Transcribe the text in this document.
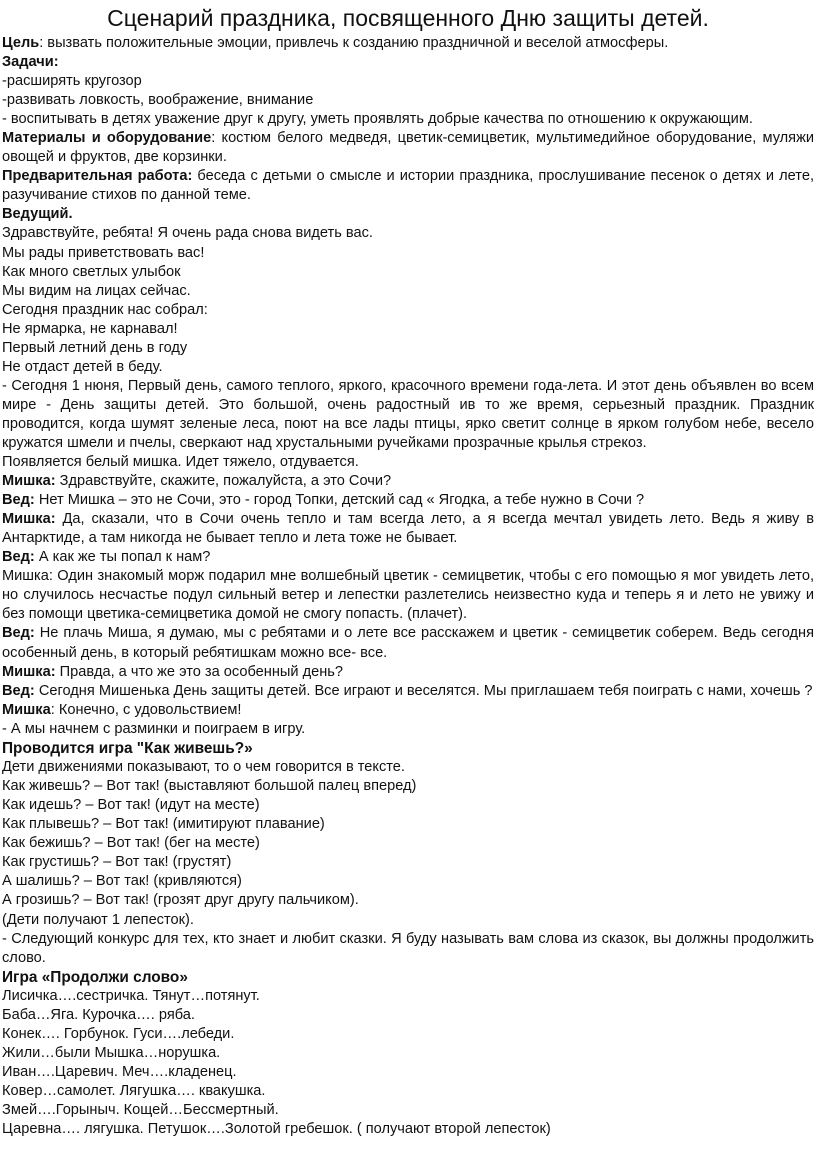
Сценарий праздника, посвященного Дню защиты детей.

Цель: вызвать положительные эмоции, привлечь к созданию праздничной и веселой атмосферы.

Задачи:

-расширять кругозор

-развивать ловкость, воображение, внимание

- воспитывать в детях уважение друг к другу, уметь проявлять добрые качества по отношению к окружающим.

Материалы и оборудование: костюм белого медведя, цветик-семицветик, мультимедийное оборудование, муляжи овощей и фруктов, две корзинки.

Предварительная работа: беседа с детьми о смысле и истории праздника, прослушивание песенок о детях и лете, разучивание стихов по данной теме.

Ведущий.

Здравствуйте, ребята! Я очень рада снова видеть вас.

Мы рады приветствовать вас!

Как много светлых улыбок

Мы видим на лицах сейчас.

Сегодня праздник нас собрал:

Не ярмарка, не карнавал!

Первый летний день в году

Не отдаст детей в беду.

- Сегодня 1 нюня, Первый день, самого теплого, яркого, красочного времени года-лета. И этот день объявлен во всем мире - День защиты детей. Это большой, очень радостный ив то же время, серьезный праздник. Праздник проводится, когда шумят зеленые леса, поют на все лады птицы, ярко светит солнце в ярком голубом небе, весело кружатся шмели и пчелы, сверкают над хрустальными ручейками прозрачные крылья стрекоз.

Появляется белый мишка. Идет тяжело, отдувается.

Мишка: Здравствуйте, скажите, пожалуйста, а это Сочи?

Вед: Нет Мишка – это не Сочи, это - город Топки, детский сад « Ягодка, а тебе нужно в Сочи ?

Мишка: Да, сказали, что в Сочи очень тепло и там всегда лето, а я всегда мечтал увидеть лето. Ведь я живу в Антарктиде, а там никогда не бывает тепло и лета тоже не бывает.

Вед: А как же ты попал к нам?

Мишка: Один знакомый морж подарил мне волшебный цветик - семицветик, чтобы с его помощью я мог увидеть лето, но случилось несчастье подул сильный ветер и лепестки разлетелись неизвестно куда и теперь я и лето не увижу и без помощи цветика-семицветика домой не смогу попасть. (плачет).

Вед: Не плачь Миша, я думаю, мы с ребятами и о лете все расскажем и цветик - семицветик соберем. Ведь сегодня особенный день, в который ребятишкам можно все- все.

Мишка: Правда, а что же это за особенный день?

Вед: Сегодня Мишенька День защиты детей. Все играют и веселятся. Мы приглашаем тебя поиграть с нами, хочешь ?

Мишка: Конечно, с удовольствием!

- А мы начнем с разминки и поиграем в игру.

Проводится игра "Как живешь?»

Дети движениями показывают, то о чем говорится в тексте.

Как живешь? – Вот так! (выставляют большой палец вперед)

Как идешь? – Вот так! (идут на месте)

Как плывешь? – Вот так! (имитируют плавание)

Как бежишь? – Вот так! (бег на месте)

Как грустишь? – Вот так! (грустят)

А шалишь? – Вот так! (кривляются)

А грозишь? – Вот так! (грозят друг другу пальчиком).

(Дети получают 1 лепесток).

- Следующий конкурс для тех, кто знает и любит сказки. Я буду называть вам слова из сказок, вы должны продолжить слово.

Игра «Продолжи слово»

Лисичка….сестричка. Тянут…потянут.

Баба…Яга. Курочка…. ряба.

Конек…. Горбунок. Гуси….лебеди.

Жили…были Мышка…норушка.

Иван….Царевич. Меч….кладенец.

Ковер…самолет. Лягушка…. квакушка.

Змей….Горыныч. Кощей…Бессмертный.

Царевна…. лягушка. Петушок….Золотой гребешок. ( получают второй лепесток)
